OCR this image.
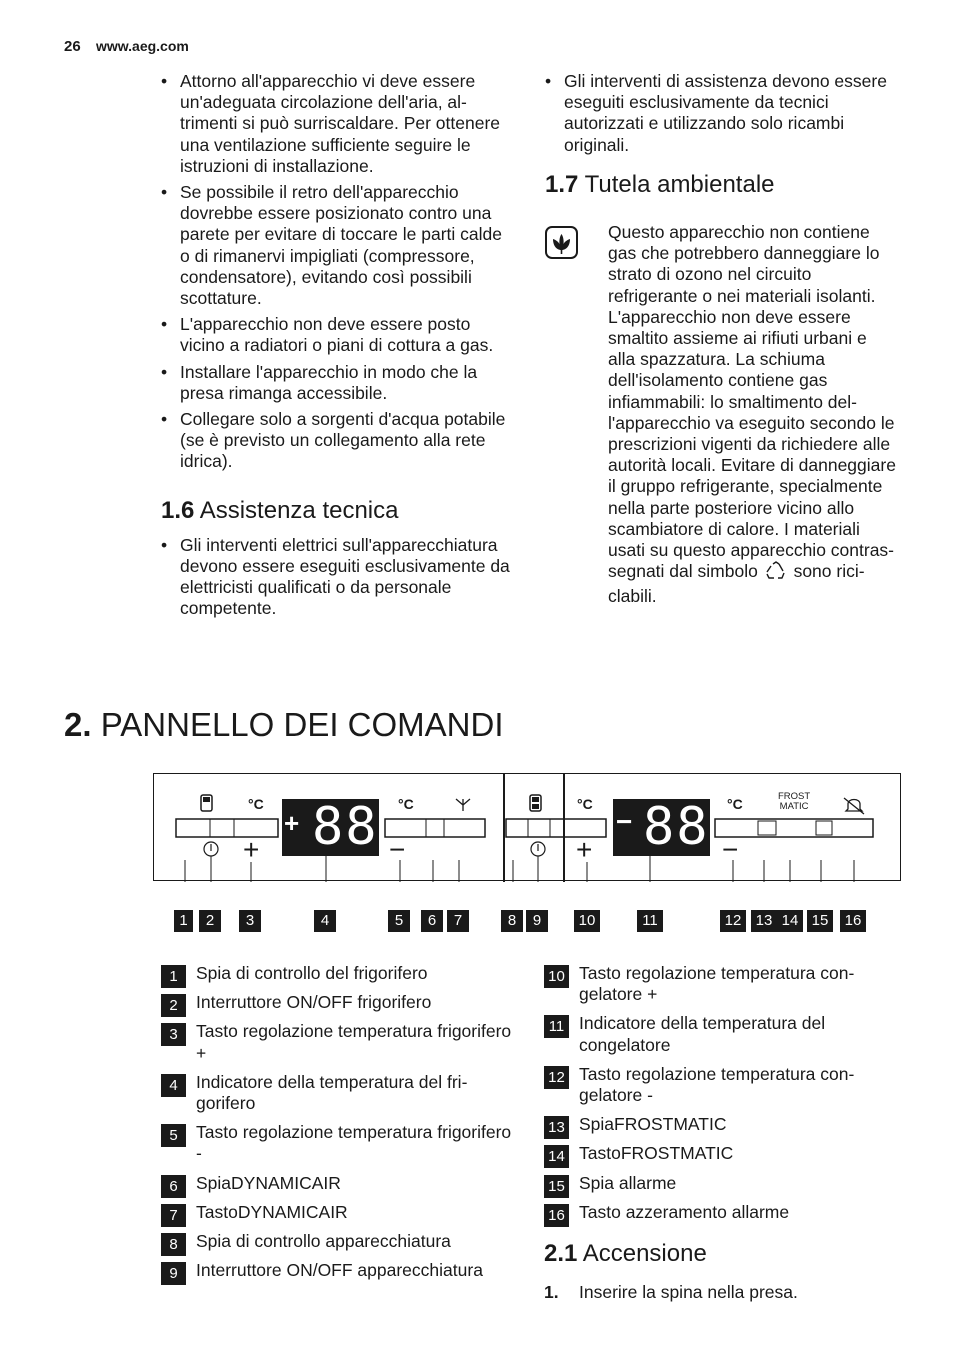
26 www.aeg.com
• Attorno all'apparecchio vi deve essere un'adeguata circolazione dell'aria, altrimenti si può surriscaldare. Per ottenere una ventilazione sufficiente seguire le istruzioni di installazione.
• Se possibile il retro dell'apparecchio dovrebbe essere posizionato contro una parete per evitare di toccare le parti calde o di rimanervi impigliati (compressore, condensatore), evitando così possibili scottature.
• L'apparecchio non deve essere posto vicino a radiatori o piani di cottura a gas.
• Installare l'apparecchio in modo che la presa rimanga accessibile.
• Collegare solo a sorgenti d'acqua potabile (se è previsto un collegamento alla rete idrica).
1.6 Assistenza tecnica
• Gli interventi elettrici sull'apparecchiatura devono essere eseguiti esclusivamente da elettricisti qualificati o da personale competente.
• Gli interventi di assistenza devono essere eseguiti esclusivamente da tecnici autorizzati e utilizzando solo ricambi originali.
1.7 Tutela ambientale
Questo apparecchio non contiene gas che potrebbero danneggiare lo strato di ozono nel circuito refrigerante o nei materiali isolanti. L'apparecchio non deve essere smaltito assieme ai rifiuti urbani e alla spazzatura. La schiuma dell'isolamento contiene gas infiammabili: lo smaltimento dell'apparecchio va eseguito secondo le prescrizioni vigenti da richiedere alle autorità locali. Evitare di danneggiare il gruppo refrigerante, specialmente nella parte posteriore vicino allo scambiatore di calore. I materiali usati su questo apparecchio contrassegnati dal simbolo sono riciclabili.
2. PANNELLO DEI COMANDI
°C	°C	°C	°C	FROST
MATIC
+ 88	− 88
+	−	+	−
1	2	3	4	5	6	7	8	9	10	11	12 13 14 15	16
1	Spia di controllo del frigorifero
2	Interruttore ON/OFF frigorifero
3	Tasto regolazione temperatura frigorifero +
4	Indicatore della temperatura del frigorifero
5	Tasto regolazione temperatura frigorifero -
6	SpiaDYNAMICAIR
7	TastoDYNAMICAIR
8	Spia di controllo apparecchiatura
9	Interruttore ON/OFF apparecchiatura
10 Tasto regolazione temperatura congelatore +
11 Indicatore della temperatura del congelatore
12 Tasto regolazione temperatura congelatore -
13 SpiaFROSTMATIC
14 TastoFROSTMATIC
15 Spia allarme
16 Tasto azzeramento allarme
2.1 Accensione
1. Inserire la spina nella presa.
